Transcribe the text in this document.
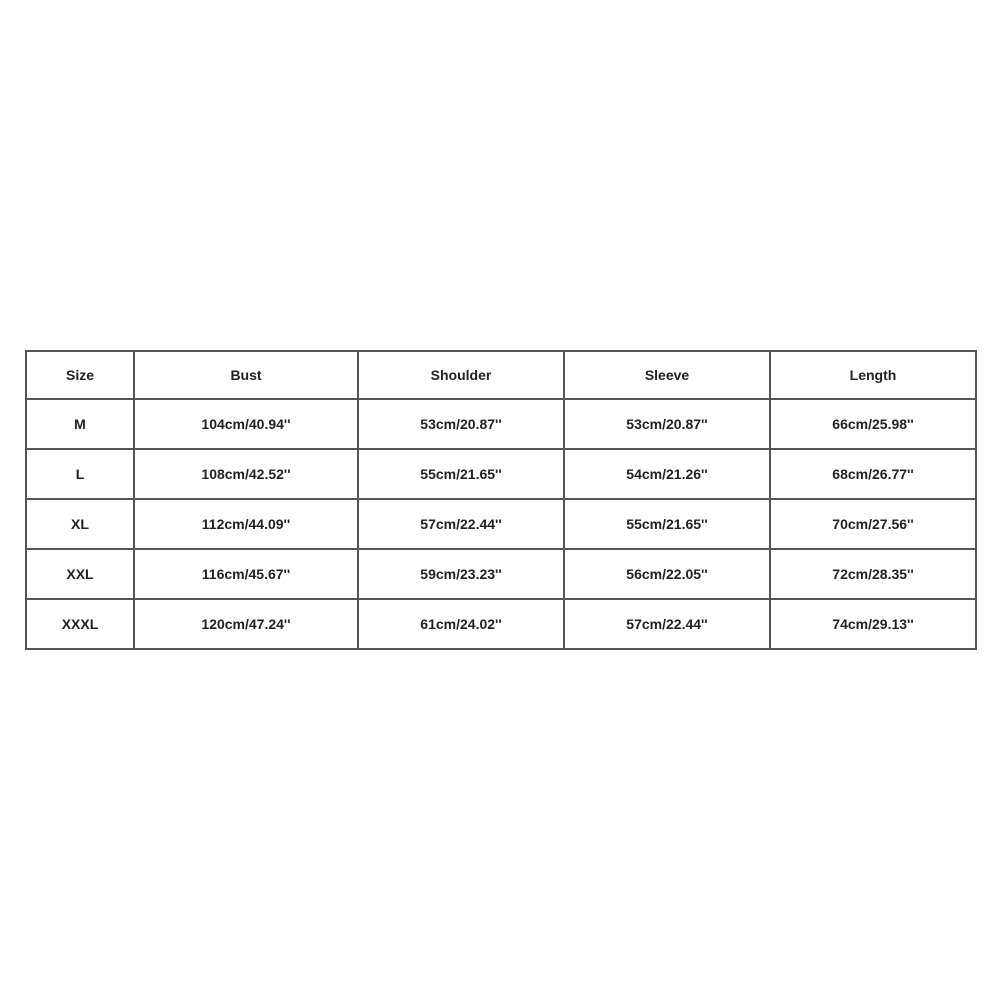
Size	Bust	Shoulder	Sleeve	Length
M	104cm/40.94''	53cm/20.87''	53cm/20.87''	66cm/25.98''
L	108cm/42.52''	55cm/21.65''	54cm/21.26''	68cm/26.77''
XL	112cm/44.09''	57cm/22.44''	55cm/21.65''	70cm/27.56''
XXL	116cm/45.67''	59cm/23.23''	56cm/22.05''	72cm/28.35''
XXXL	120cm/47.24''	61cm/24.02''	57cm/22.44''	74cm/29.13''
